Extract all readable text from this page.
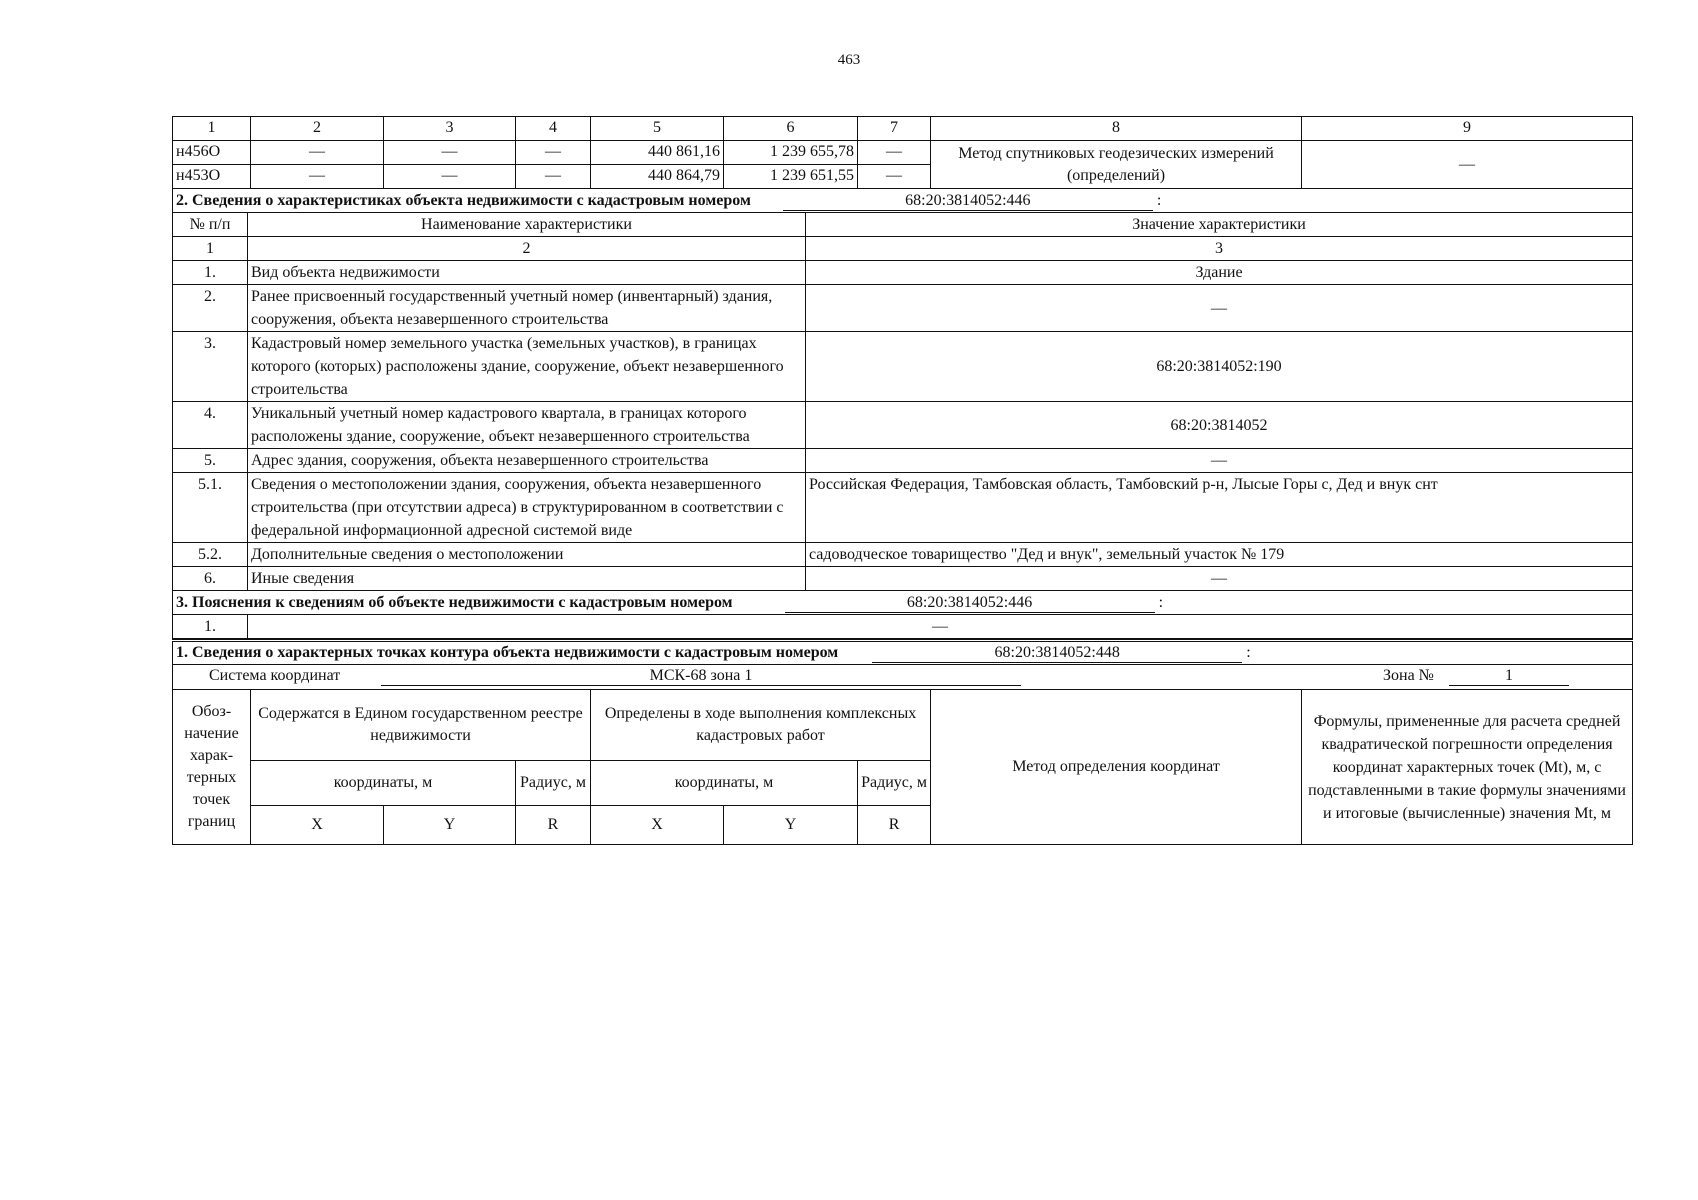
463
1	2	3	4	5	6	7	8	9
н456О	—	—	—	440 861,16	1 239 655,78	—	Метод спутниковых геодезических измерений (определений)	—
н453О	—	—	—	440 864,79	1 239 651,55	—		
2. Сведения о характеристиках объекта недвижимости с кадастровым номером 68:20:3814052:446 :		
№ п/п	Наименование характеристики	Значение характеристики
1	2	3
1.	Вид объекта недвижимости	Здание
2.	Ранее присвоенный государственный учетный номер (инвентарный) здания, сооружения, объекта незавершенного строительства	—
3.	Кадастровый номер земельного участка (земельных участков), в границах которого (которых) расположены здание, сооружение, объект незавершенного строительства	68:20:3814052:190
4.	Уникальный учетный номер кадастрового квартала, в границах которого расположены здание, сооружение, объект незавершенного строительства	68:20:3814052
5.	Адрес здания, сооружения, объекта незавершенного строительства	—
5.1.	Сведения о местоположении здания, сооружения, объекта незавершенного строительства (при отсутствии адреса) в структурированном в соответствии с федеральной информационной адресной системой виде	Российская Федерация, Тамбовская область, Тамбовский р-н, Лысые Горы с, Дед и внук снт
5.2.	Дополнительные сведения о местоположении	садоводческое товарищество "Дед и внук", земельный участок № 179
6.	Иные сведения	—
3. Пояснения к сведениям об объекте недвижимости с кадастровым номером 68:20:3814052:446 :		
1.	—	
1. Сведения о характерных точках контура объекта недвижимости с кадастровым номером	68:20:3814052:448	:

Система координат	МСК-68 зона 1	Зона №	1
Обоз-начение харак-терных точек границ	Содержатся в Едином государственном реестре недвижимости			Определены в ходе выполнения комплексных кадастровых работ			Метод определения координат	Формулы, примененные для расчета средней квадратической погрешности определения координат характерных точек (Mt), м, с подставленными в такие формулы значениями и итоговые (вычисленные) значения Mt, м
	координаты, м		Радиус, м	координаты, м		Радиус, м		
	X	Y	R	X	Y	R		
